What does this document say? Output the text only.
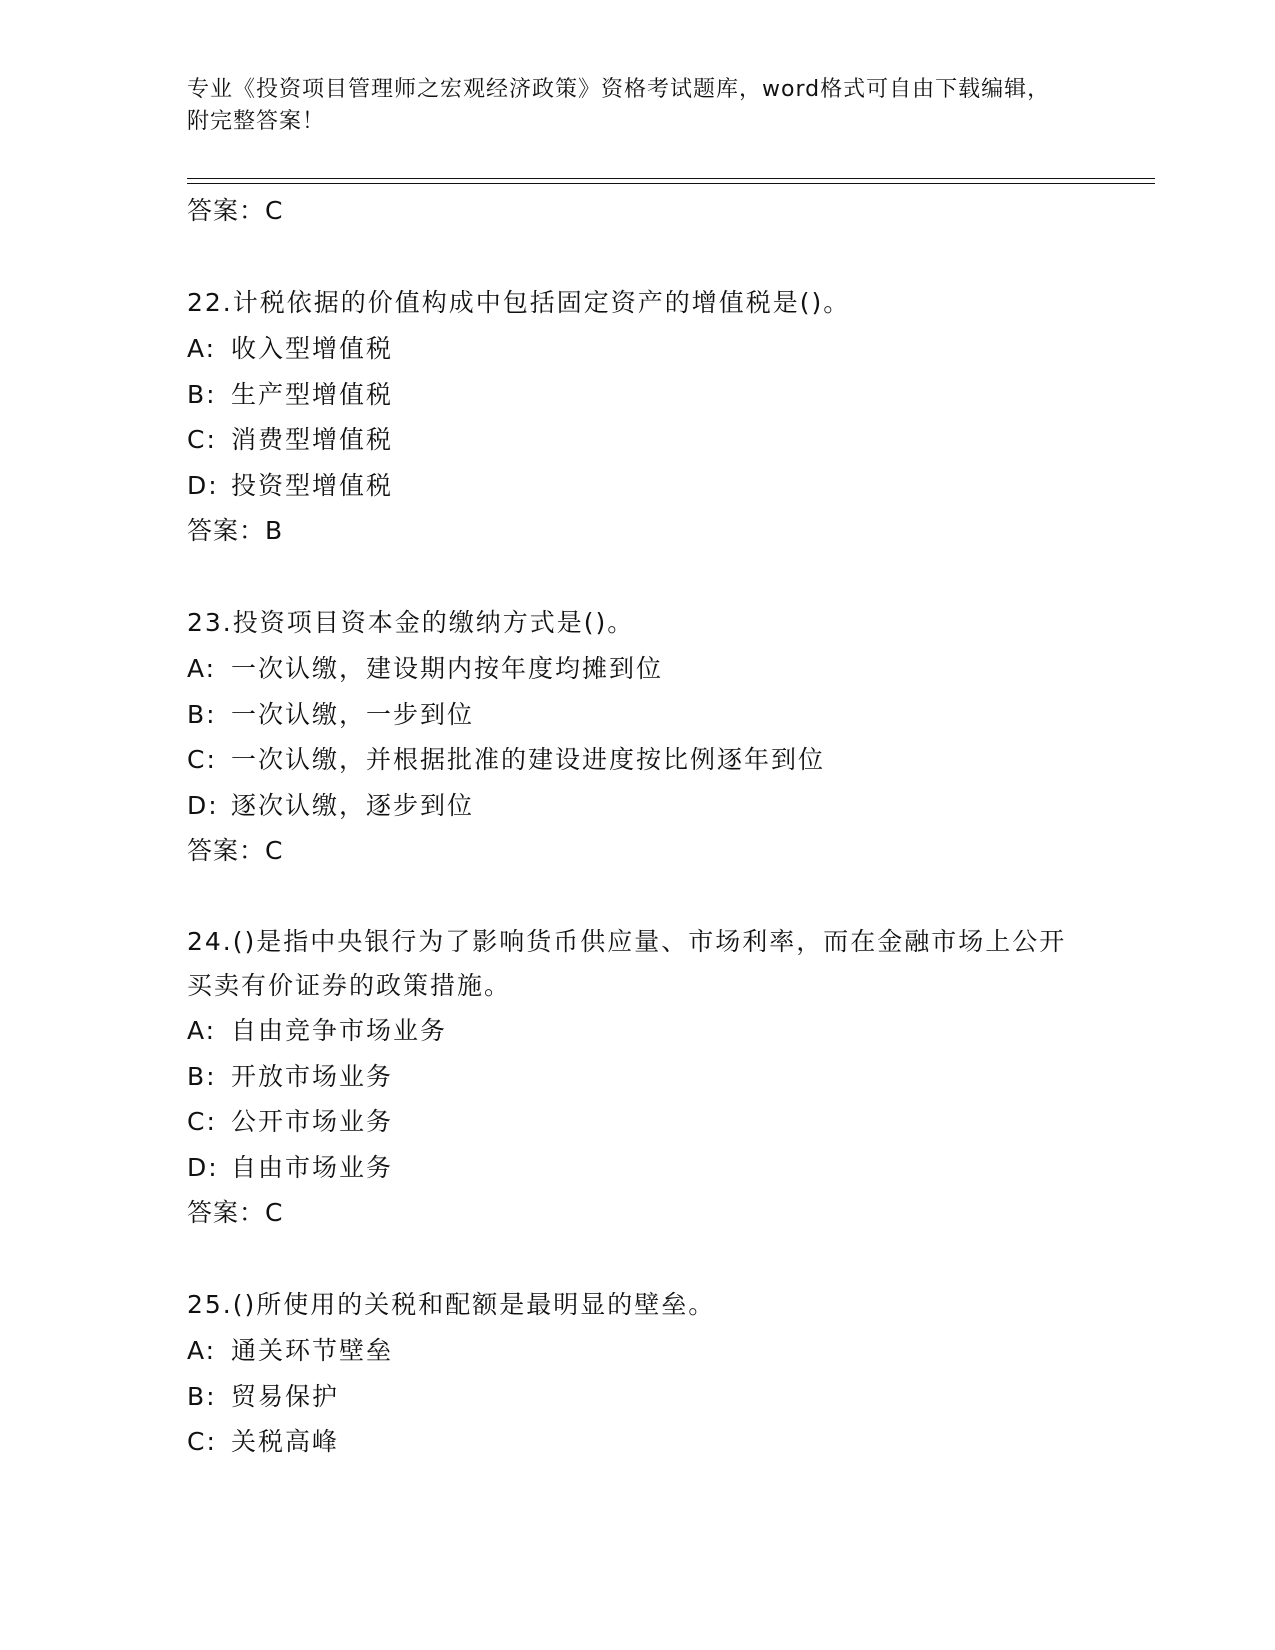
专业《投资项目管理师之宏观经济政策》资格考试题库，word格式可自由下载编辑，附完整答案！
答案：C
22.计税依据的价值构成中包括固定资产的增值税是()。
A: 收入型增值税
B: 生产型增值税
C: 消费型增值税
D: 投资型增值税
答案：B
23.投资项目资本金的缴纳方式是()。
A: 一次认缴，建设期内按年度均摊到位
B: 一次认缴，一步到位
C: 一次认缴，并根据批准的建设进度按比例逐年到位
D: 逐次认缴，逐步到位
答案：C
24.()是指中央银行为了影响货币供应量、市场利率，而在金融市场上公开买卖有价证券的政策措施。
A: 自由竞争市场业务
B: 开放市场业务
C: 公开市场业务
D: 自由市场业务
答案：C
25.()所使用的关税和配额是最明显的壁垒。
A: 通关环节壁垒
B: 贸易保护
C: 关税高峰
